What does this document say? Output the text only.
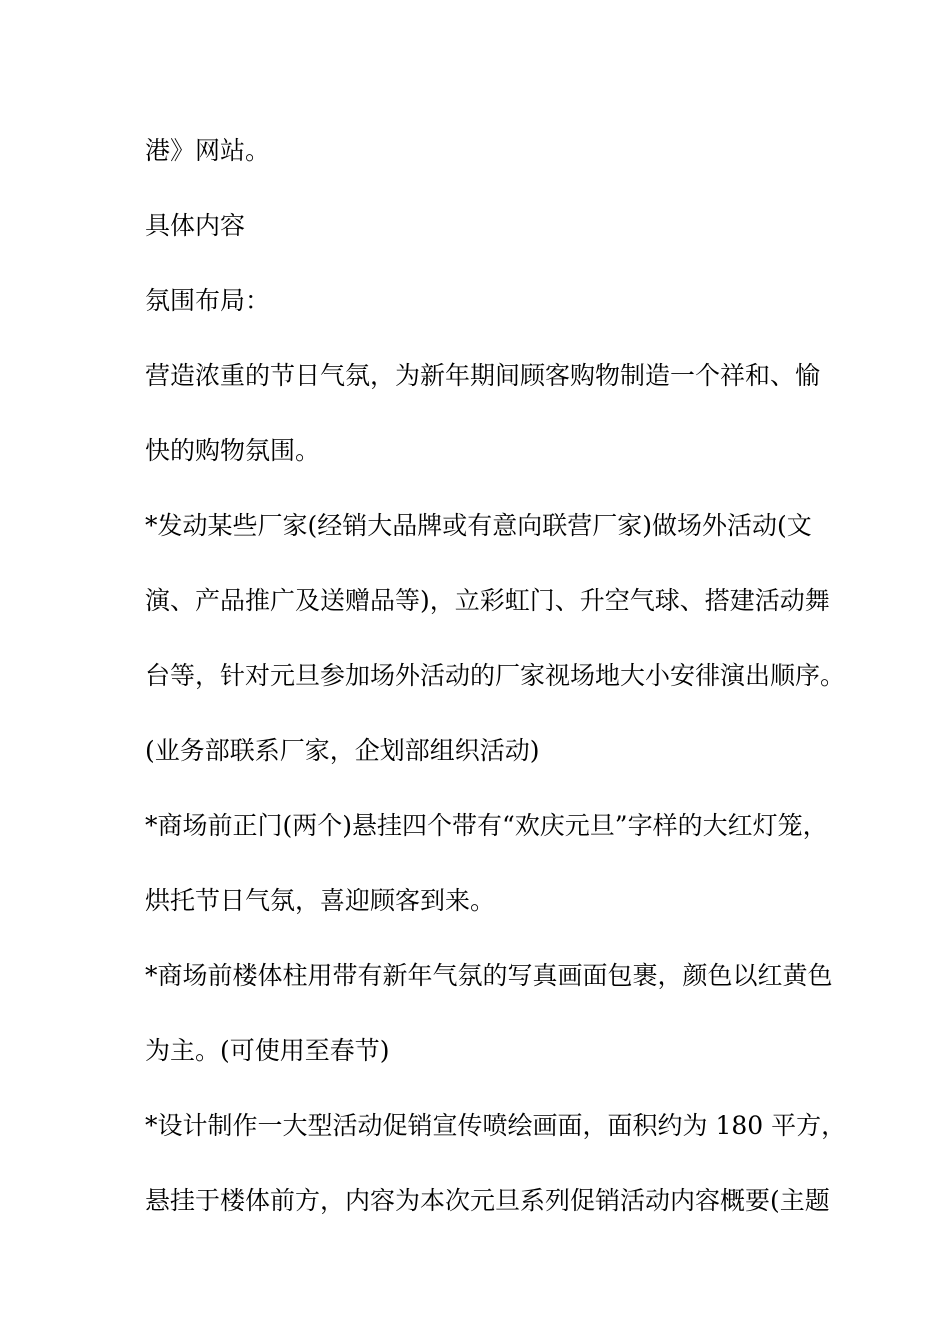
港》网站。

具体内容

氛围布局：

营造浓重的节日气氛，为新年期间顾客购物制造一个祥和、愉

快的购物氛围。

*发动某些厂家(经销大品牌或有意向联营厂家)做场外活动(文

演、产品推广及送赠品等)，立彩虹门、升空气球、搭建活动舞

台等，针对元旦参加场外活动的厂家视场地大小安徘演出顺序。

(业务部联系厂家，企划部组织活动)

*商场前正门(两个)悬挂四个带有“欢庆元旦”字样的大红灯笼，

烘托节日气氛，喜迎顾客到来。

*商场前楼体柱用带有新年气氛的写真画面包裹，颜色以红黄色

为主。(可使用至春节)

*设计制作一大型活动促销宣传喷绘画面，面积约为 180 平方，

悬挂于楼体前方，内容为本次元旦系列促销活动内容概要(主题
